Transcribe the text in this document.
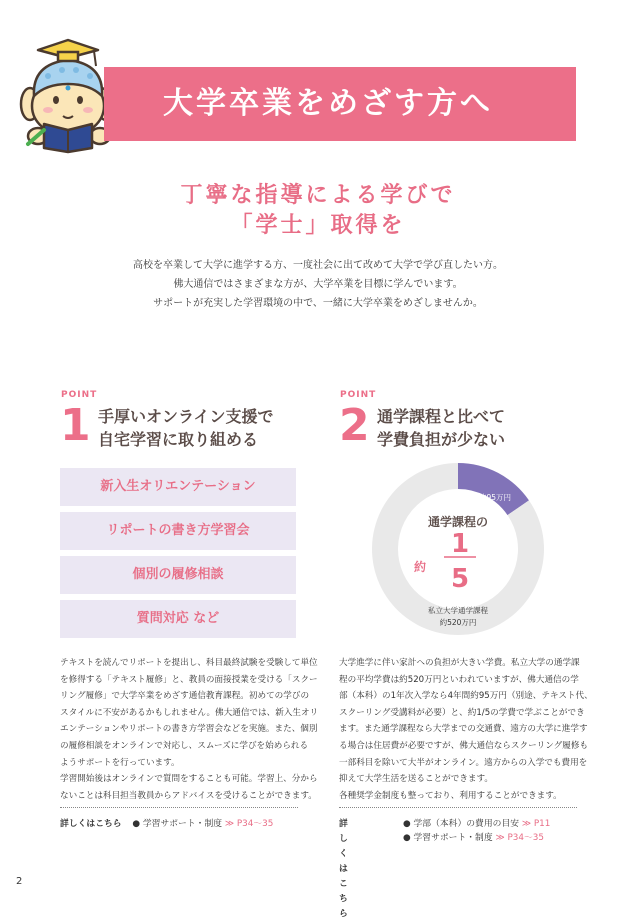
大学卒業をめざす方へ
丁寧な指導による学びで
「学士」取得を
高校を卒業して大学に進学する方、一度社会に出て改めて大学で学び直したい方。
佛大通信ではさまざまな方が、大学卒業を目標に学んでいます。
サポートが充実した学習環境の中で、一緒に大学卒業をめざしませんか。
POINT
1 手厚いオンライン支援で
自宅学習に取り組める
新入生オリエンテーション
リポートの書き方学習会
個別の履修相談
質問対応 など
テキストを読んでリポートを提出し、科目最終試験を受験して単位
を修得する「テキスト履修」と、教員の面接授業を受ける「スクー
リング履修」で大学卒業をめざす通信教育課程。初めての学びの
スタイルに不安があるかもしれません。佛大通信では、新入生オリ
エンテーションやリポートの書き方学習会などを実施。また、個別
の履修相談をオンラインで対応し、スムーズに学びを始められる
ようサポートを行っています。
学習開始後はオンラインで質問をすることも可能。学習上、分から
ないことは科目担当教員からアドバイスを受けることができます。
詳しくはこちら ● 学習サポート・制度 ≫ P34～35
POINT
2 通学課程と比べて
学費負担が少ない
通学課程の
約
1
5
約95万円
私立大学通学課程
約520万円
大学進学に伴い家計への負担が大きい学費。私立大学の通学課
程の平均学費は約520万円といわれていますが、佛大通信の学
部（本科）の1年次入学なら4年間約95万円（別途、テキスト代、
スクーリング受講料が必要）と、約1/5の学費で学ぶことができ
ます。また通学課程なら大学までの交通費、遠方の大学に進学す
る場合は住居費が必要ですが、佛大通信ならスクーリング履修も
一部科目を除いて大半がオンライン。遠方からの入学でも費用を
抑えて大学生活を送ることができます。
各種奨学金制度も整っており、利用することができます。
詳しくはこちら
● 学部（本科）の費用の目安 ≫ P11
● 学習サポート・制度 ≫ P34～35
2
